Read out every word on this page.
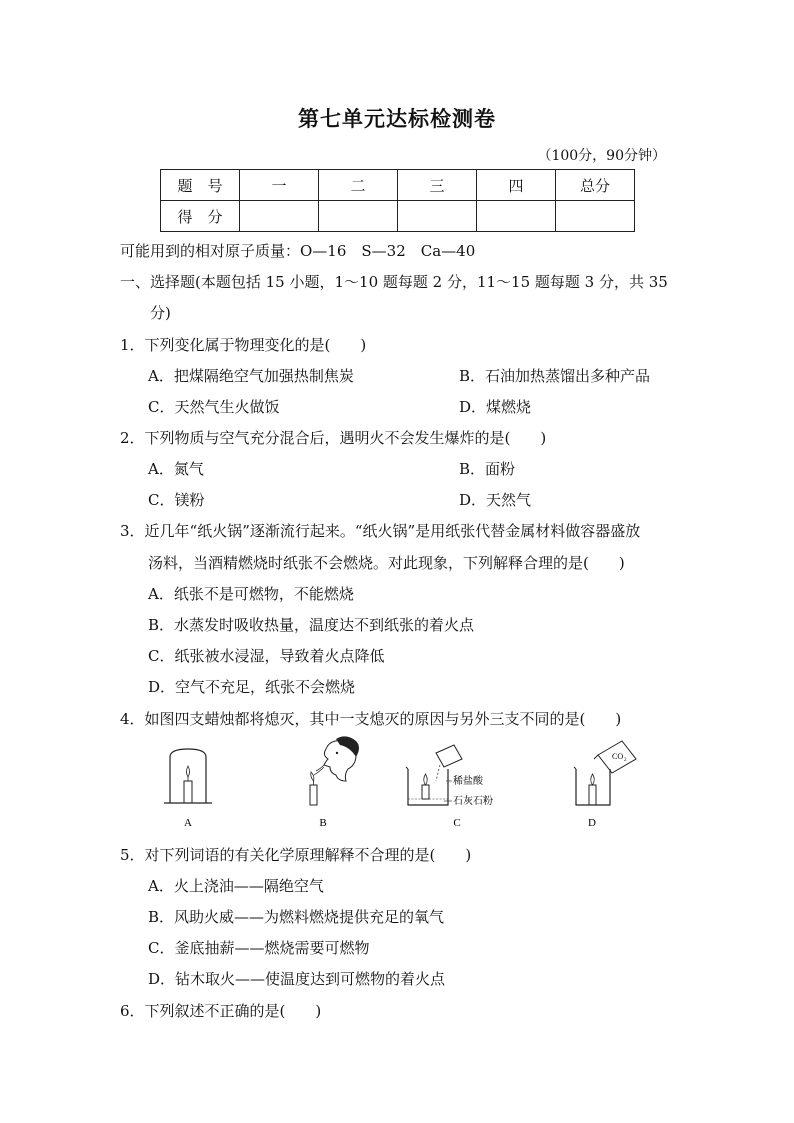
第七单元达标检测卷
（100分，90分钟）
题　号	一	二	三	四	总分
得　分					
可能用到的相对原子质量：O—16　S—32　Ca—40
一、选择题(本题包括 15 小题，1～10 题每题 2 分，11～15 题每题 3 分，共 35
分)
1．下列变化属于物理变化的是(　　)
A．把煤隔绝空气加强热制焦炭	B．石油加热蒸馏出多种产品
C．天然气生火做饭	D．煤燃烧
2．下列物质与空气充分混合后，遇明火不会发生爆炸的是(　　)
A．氮气	B．面粉
C．镁粉	D．天然气
3．近几年“纸火锅”逐渐流行起来。“纸火锅”是用纸张代替金属材料做容器盛放
汤料，当酒精燃烧时纸张不会燃烧。对此现象，下列解释合理的是(　　)
A．纸张不是可燃物，不能燃烧
B．水蒸发时吸收热量，温度达不到纸张的着火点
C．纸张被水浸湿，导致着火点降低
D．空气不充足，纸张不会燃烧
4．如图四支蜡烛都将熄灭，其中一支熄灭的原因与另外三支不同的是(　　)
A	B
稀盐酸
石灰石粉
C
CO 2
D
5．对下列词语的有关化学原理解释不合理的是(　　)
A．火上浇油——隔绝空气
B．风助火威——为燃料燃烧提供充足的氧气
C．釜底抽薪——燃烧需要可燃物
D．钻木取火——使温度达到可燃物的着火点
6．下列叙述不正确的是(　　)
